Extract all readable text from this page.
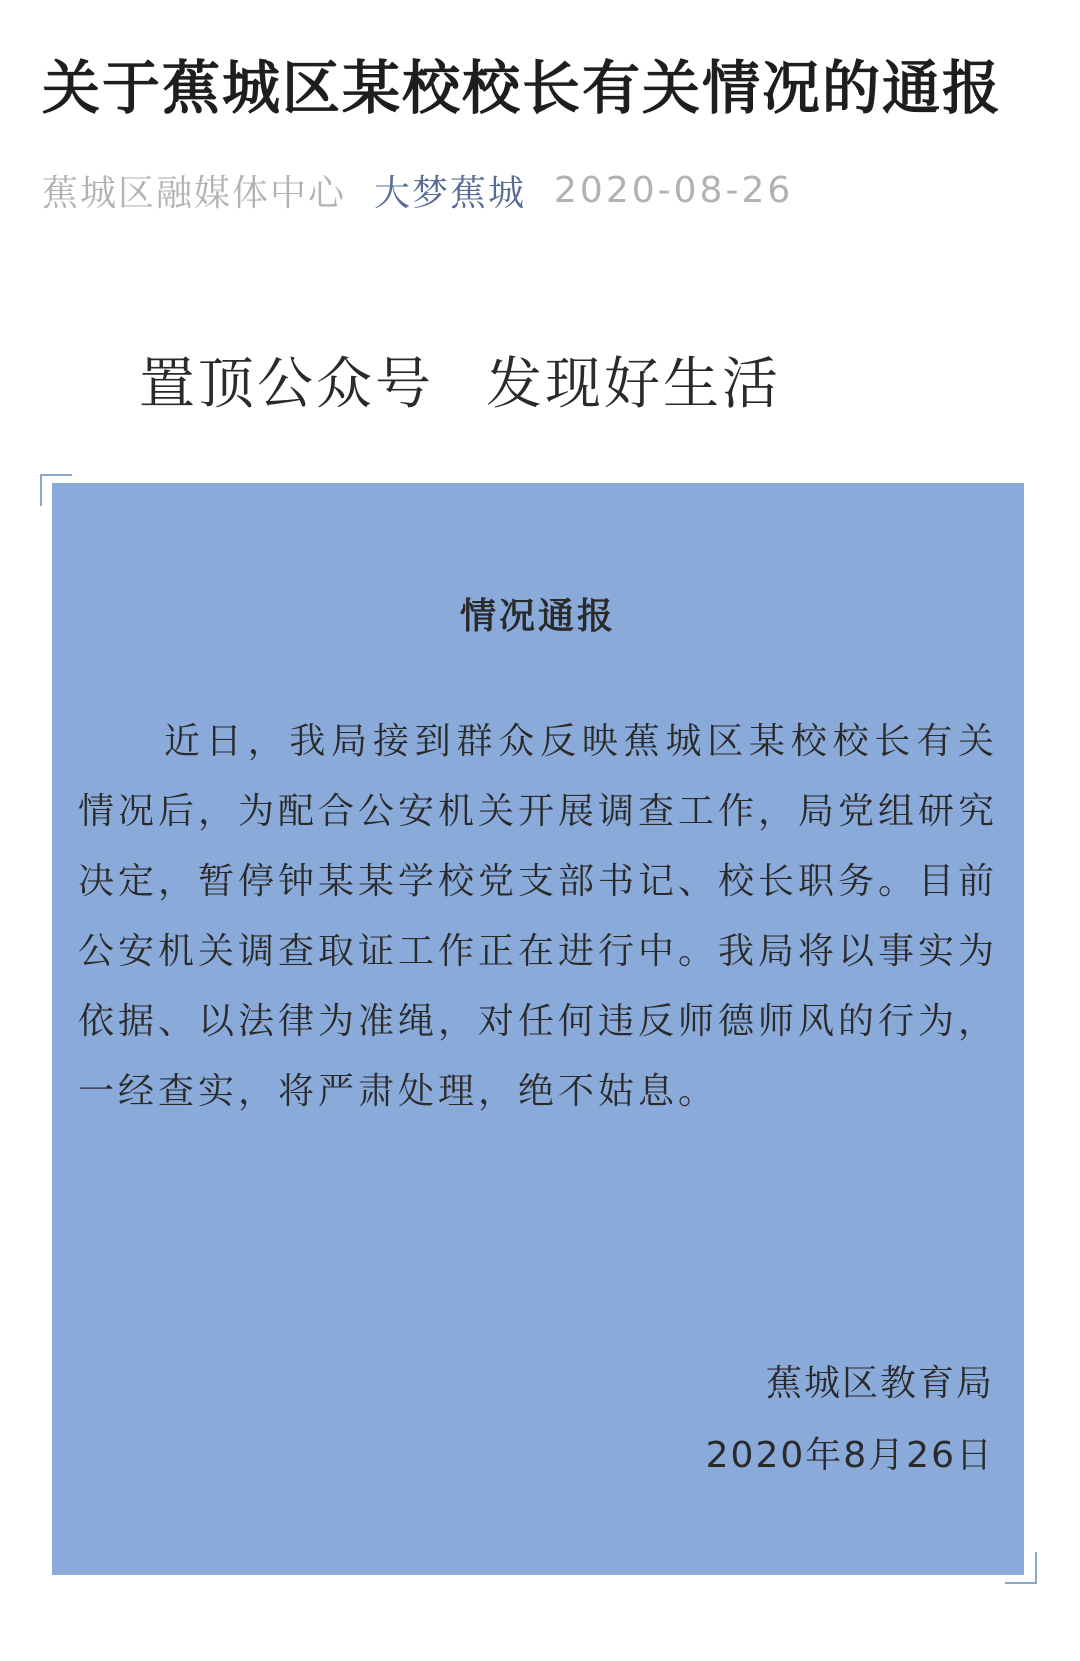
关于蕉城区某校校长有关情况的通报
蕉城区融媒体中心 大梦蕉城 2020-08-26
置顶公众号 发现好生活
情况通报
近日，我局接到群众反映蕉城区某校校长有关情况后，为配合公安机关开展调查工作，局党组研究决定，暂停钟某某学校党支部书记、校长职务。目前公安机关调查取证工作正在进行中。我局将以事实为依据、以法律为准绳，对任何违反师德师风的行为，一经查实，将严肃处理，绝不姑息。
蕉城区教育局
2020年8月26日
